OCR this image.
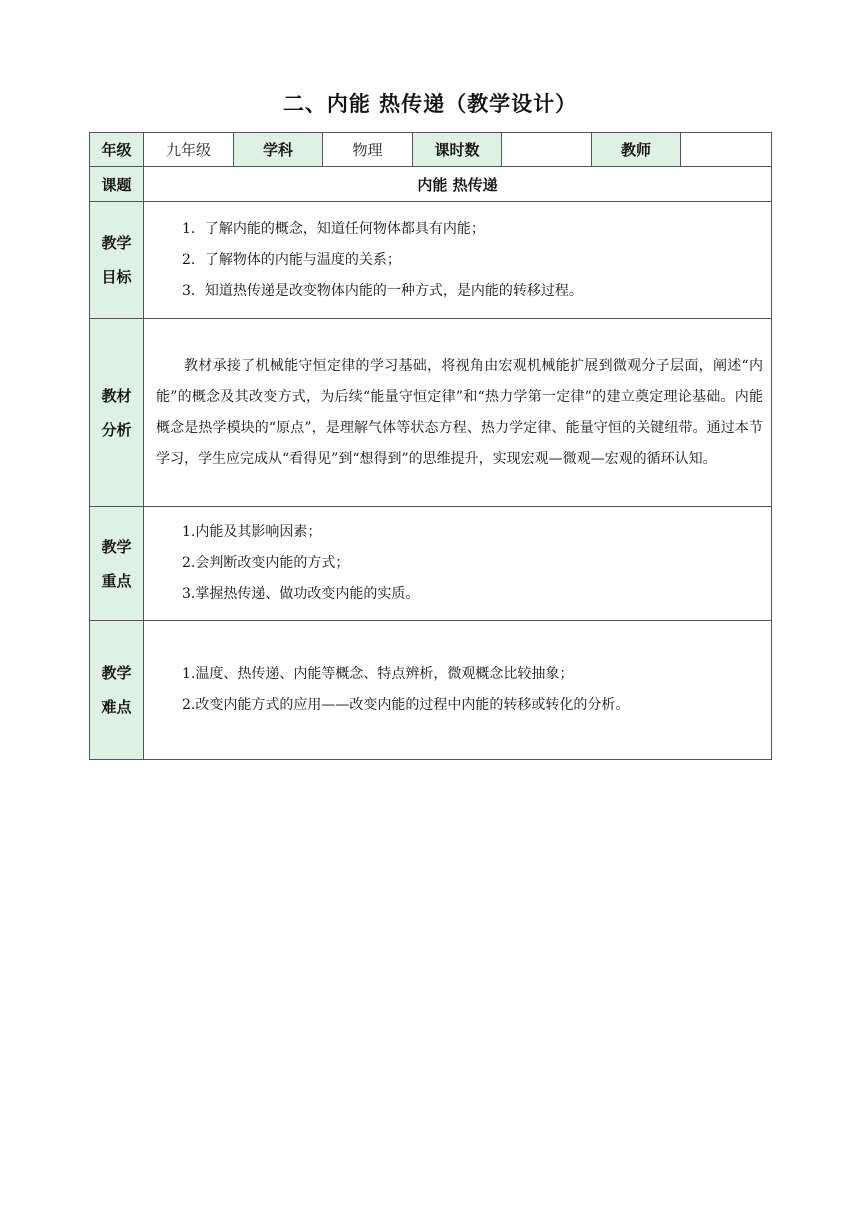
二、内能 热传递（教学设计）
年级	九年级	学科	物理	课时数		教师	
课题	内能 热传递						

教学
目标	1．了解内能的概念，知道任何物体都具有内能；
2．了解物体的内能与温度的关系；
3．知道热传递是改变物体内能的一种方式，是内能的转移过程。						

教材
分析	教材承接了机械能守恒定律的学习基础，将视角由宏观机械能扩展到微观分子层面，阐述“内能”的概念及其改变方式，为后续“能量守恒定律”和“热力学第一定律”的建立奠定理论基础。内能概念是热学模块的“原点”，是理解气体等状态方程、热力学定律、能量守恒的关键纽带。通过本节学习，学生应完成从“看得见”到“想得到”的思维提升，实现宏观—微观—宏观的循环认知。						

教学
重点	1.内能及其影响因素；
2.会判断改变内能的方式；
3.掌握热传递、做功改变内能的实质。						

教学
难点	1.温度、热传递、内能等概念、特点辨析，微观概念比较抽象；
2.改变内能方式的应用——改变内能的过程中内能的转移或转化的分析。						
